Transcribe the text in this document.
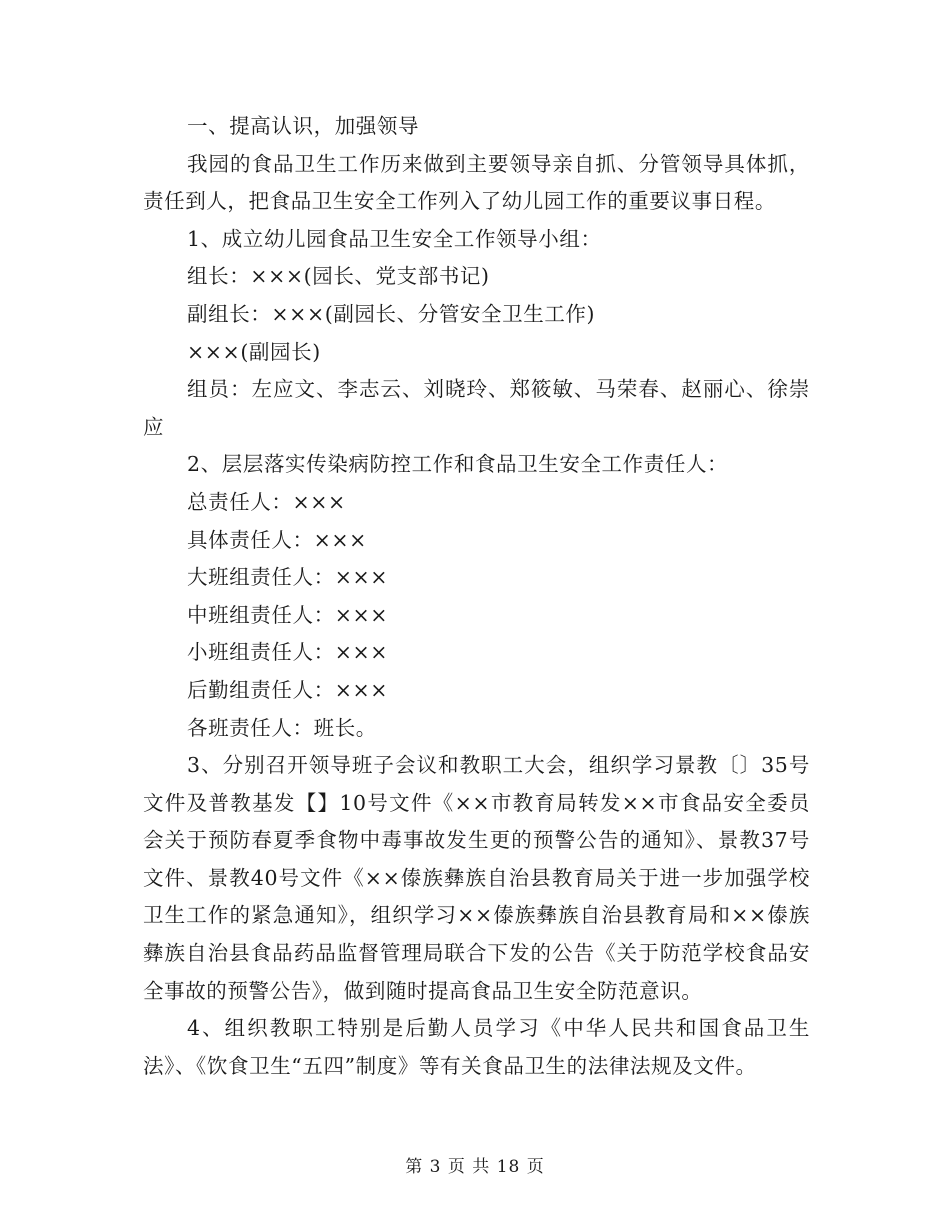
一、提高认识，加强领导

我园的食品卫生工作历来做到主要领导亲自抓、分管领导具体抓，责任到人，把食品卫生安全工作列入了幼儿园工作的重要议事日程。

1、成立幼儿园食品卫生安全工作领导小组：

组长：×××(园长、党支部书记)

副组长：×××(副园长、分管安全卫生工作)

×××(副园长)

组员：左应文、李志云、刘晓玲、郑筱敏、马荣春、赵丽心、徐崇应

2、层层落实传染病防控工作和食品卫生安全工作责任人：

总责任人：×××

具体责任人：×××

大班组责任人：×××

中班组责任人：×××

小班组责任人：×××

后勤组责任人：×××

各班责任人：班长。

3、分别召开领导班子会议和教职工大会，组织学习景教〔〕35号文件及普教基发【】10号文件《××市教育局转发××市食品安全委员会关于预防春夏季食物中毒事故发生更的预警公告的通知》、景教37号文件、景教40号文件《××傣族彝族自治县教育局关于进一步加强学校卫生工作的紧急通知》，组织学习××傣族彝族自治县教育局和××傣族彝族自治县食品药品监督管理局联合下发的公告《关于防范学校食品安全事故的预警公告》，做到随时提高食品卫生安全防范意识。

4、组织教职工特别是后勤人员学习《中华人民共和国食品卫生法》、《饮食卫生“五四”制度》等有关食品卫生的法律法规及文件。

第 3 页 共 18 页
